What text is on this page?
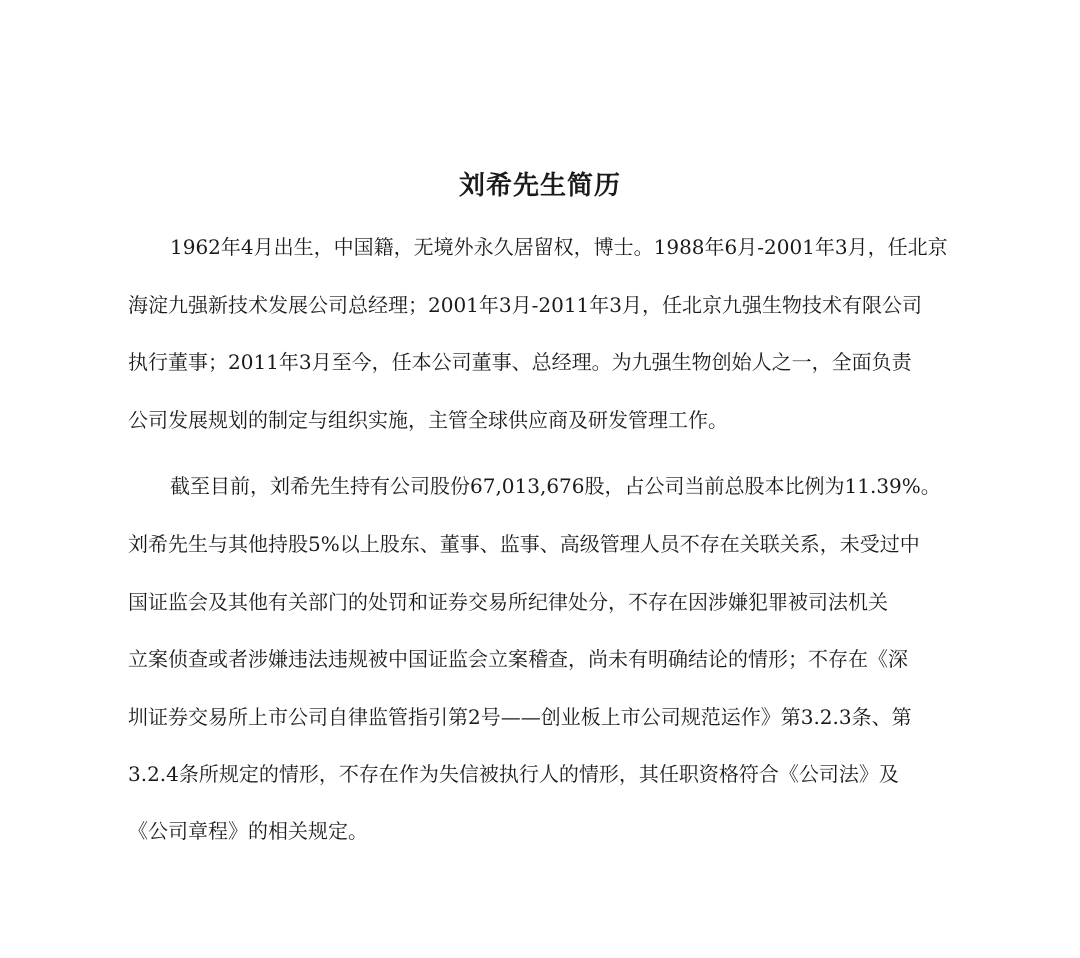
刘希先生简历
1962年4月出生，中国籍，无境外永久居留权，博士。1988年6月-2001年3月，任北京
海淀九强新技术发展公司总经理；2001年3月-2011年3月，任北京九强生物技术有限公司
执行董事；2011年3月至今，任本公司董事、总经理。为九强生物创始人之一，全面负责
公司发展规划的制定与组织实施，主管全球供应商及研发管理工作。
截至目前，刘希先生持有公司股份67,013,676股，占公司当前总股本比例为11.39%。
刘希先生与其他持股5%以上股东、董事、监事、高级管理人员不存在关联关系，未受过中
国证监会及其他有关部门的处罚和证券交易所纪律处分，不存在因涉嫌犯罪被司法机关
立案侦查或者涉嫌违法违规被中国证监会立案稽查，尚未有明确结论的情形；不存在《深
圳证券交易所上市公司自律监管指引第2号——创业板上市公司规范运作》第3.2.3条、第
3.2.4条所规定的情形，不存在作为失信被执行人的情形，其任职资格符合《公司法》及
《公司章程》的相关规定。
